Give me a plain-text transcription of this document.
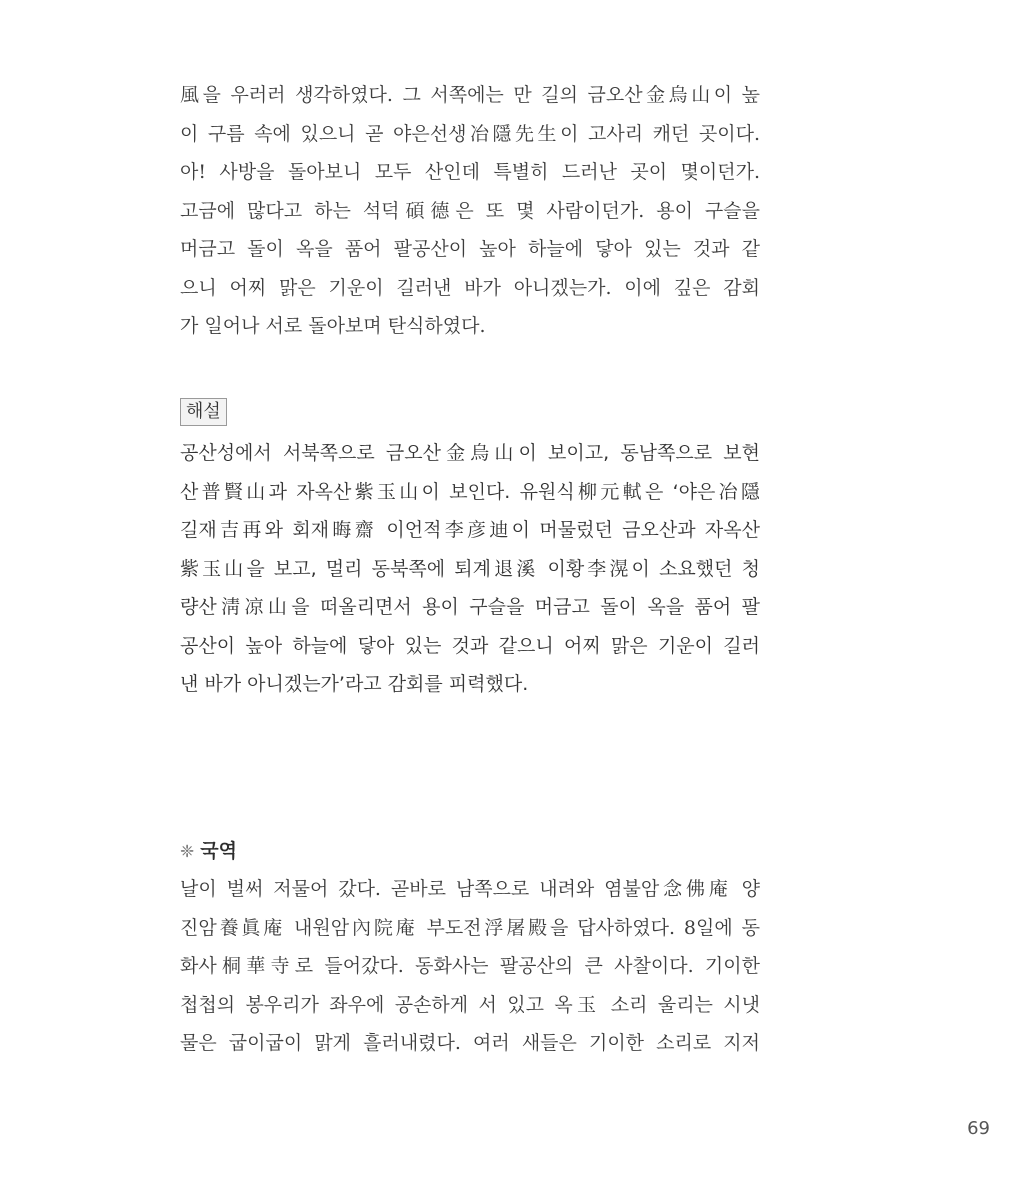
風을 우러러 생각하였다. 그 서쪽에는 만 길의 금오산金烏山이 높
이 구름 속에 있으니 곧 야은선생冶隱先生이 고사리 캐던 곳이다.
아! 사방을 돌아보니 모두 산인데 특별히 드러난 곳이 몇이던가.
고금에 많다고 하는 석덕碩德은 또 몇 사람이던가. 용이 구슬을
머금고 돌이 옥을 품어 팔공산이 높아 하늘에 닿아 있는 것과 같
으니 어찌 맑은 기운이 길러낸 바가 아니겠는가. 이에 깊은 감회
가 일어나 서로 돌아보며 탄식하였다.
해설
공산성에서 서북쪽으로 금오산金烏山이 보이고, 동남쪽으로 보현
산普賢山과 자옥산紫玉山이 보인다. 유원식柳元軾은 ‘야은冶隱
길재吉再와 회재晦齋 이언적李彦迪이 머물렀던 금오산과 자옥산
紫玉山을 보고, 멀리 동북쪽에 퇴계退溪 이황李滉이 소요했던 청
량산淸凉山을 떠올리면서 용이 구슬을 머금고 돌이 옥을 품어 팔
공산이 높아 하늘에 닿아 있는 것과 같으니 어찌 맑은 기운이 길러
낸 바가 아니겠는가’라고 감회를 피력했다.
❈ 국역
날이 벌써 저물어 갔다. 곧바로 남쪽으로 내려와 염불암念佛庵 양
진암養眞庵 내원암內院庵 부도전浮屠殿을 답사하였다. 8일에 동
화사桐華寺로 들어갔다. 동화사는 팔공산의 큰 사찰이다. 기이한
첩첩의 봉우리가 좌우에 공손하게 서 있고 옥玉 소리 울리는 시냇
물은 굽이굽이 맑게 흘러내렸다. 여러 새들은 기이한 소리로 지저
69
